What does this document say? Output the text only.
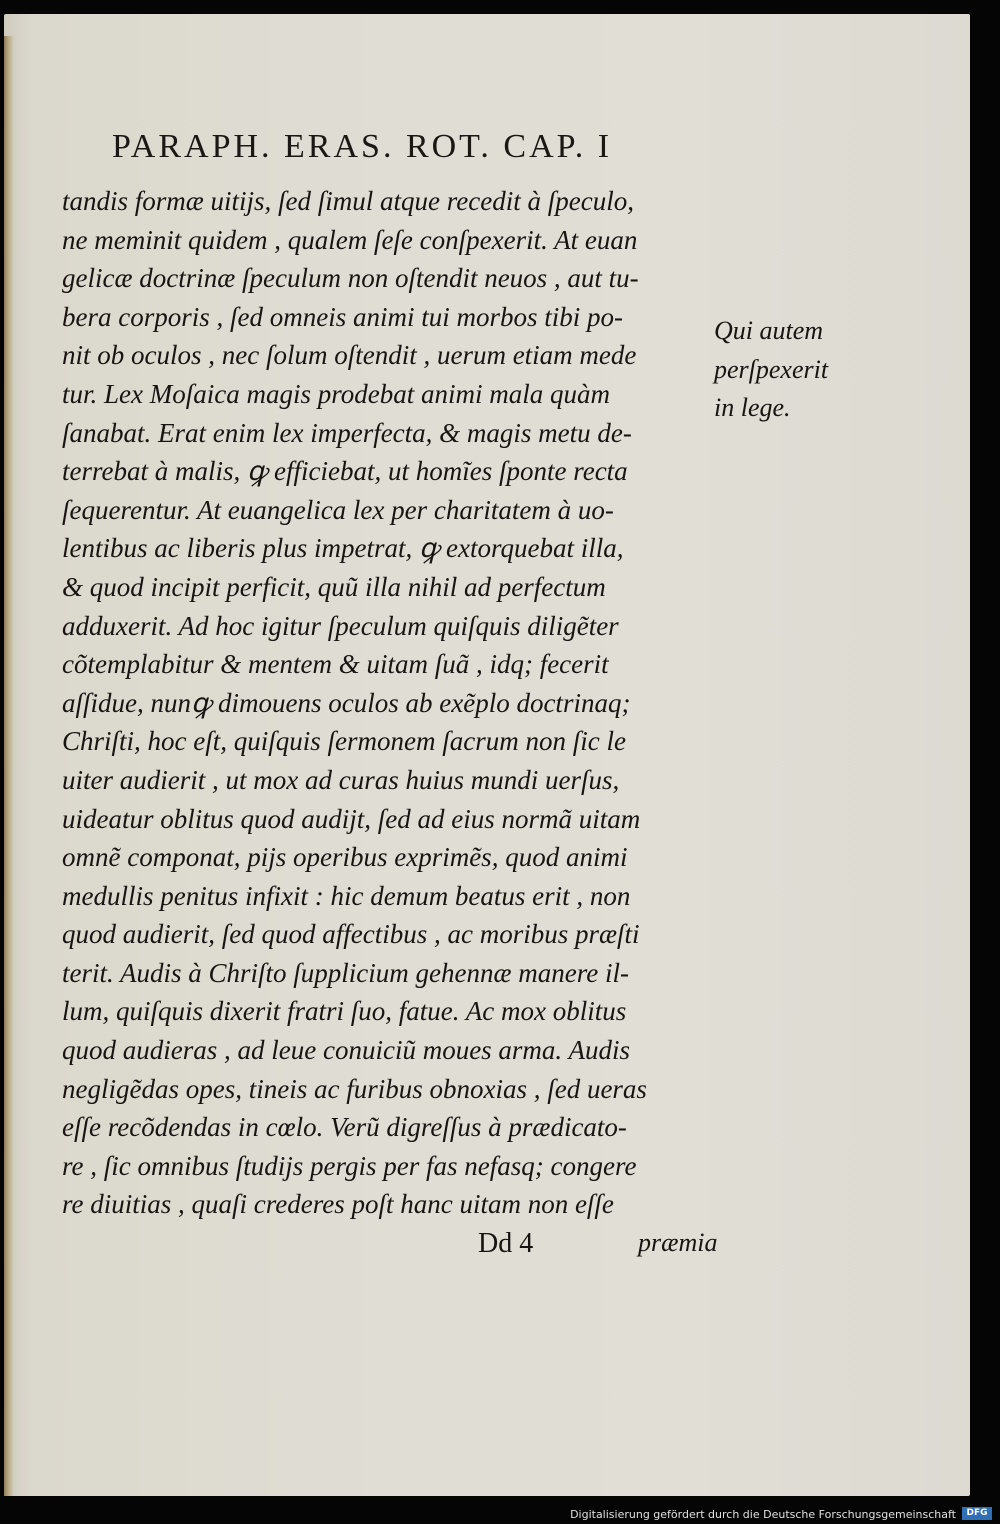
PARAPH. ERAS. ROT. CAP. I
tandis formæ uitijs, ſed ſimul atque recedit à ſpeculo,
ne meminit quidem , qualem ſeſe conſpexerit. At euan
gelicæ doctrinæ ſpeculum non oſtendit neuos , aut tu-
bera corporis , ſed omneis animi tui morbos tibi po-
nit ob oculos , nec ſolum oſtendit , uerum etiam mede
tur. Lex Moſaica magis prodebat animi mala quàm
ſanabat. Erat enim lex imperfecta, & magis metu de-
terrebat à malis, ꝙ efficiebat, ut homĩes ſponte recta
ſequerentur. At euangelica lex per charitatem à uo-
lentibus ac liberis plus impetrat, ꝙ extorquebat illa,
& quod incipit perficit, quũ illa nihil ad perfectum
adduxerit. Ad hoc igitur ſpeculum quiſquis diligẽter
cõtemplabitur & mentem & uitam ſuã , idq; fecerit
aſſidue, nunꝙ dimouens oculos ab exẽplo doctrinaq;
Chriſti, hoc eſt, quiſquis ſermonem ſacrum non ſic le
uiter audierit , ut mox ad curas huius mundi uerſus,
uideatur oblitus quod audijt, ſed ad eius normã uitam
omnẽ componat, pijs operibus exprimẽs, quod animi
medullis penitus infixit : hic demum beatus erit , non
quod audierit, ſed quod affectibus , ac moribus præſti
terit. Audis à Chriſto ſupplicium gehennæ manere il-
lum, quiſquis dixerit fratri ſuo, fatue. Ac mox oblitus
quod audieras , ad leue conuiciũ moues arma. Audis
negligẽdas opes, tineis ac furibus obnoxias , ſed ueras
eſſe recõdendas in cœlo. Verũ digreſſus à prædicato-
re , ſic omnibus ſtudijs pergis per fas nefasq; congere
re diuitias , quaſi crederes poſt hanc uitam non eſſe
Qui autem
perſpexerit
in lege.
Dd 4	præmia
Digitalisierung gefördert durch die Deutsche Forschungsgemeinschaft	DFG
